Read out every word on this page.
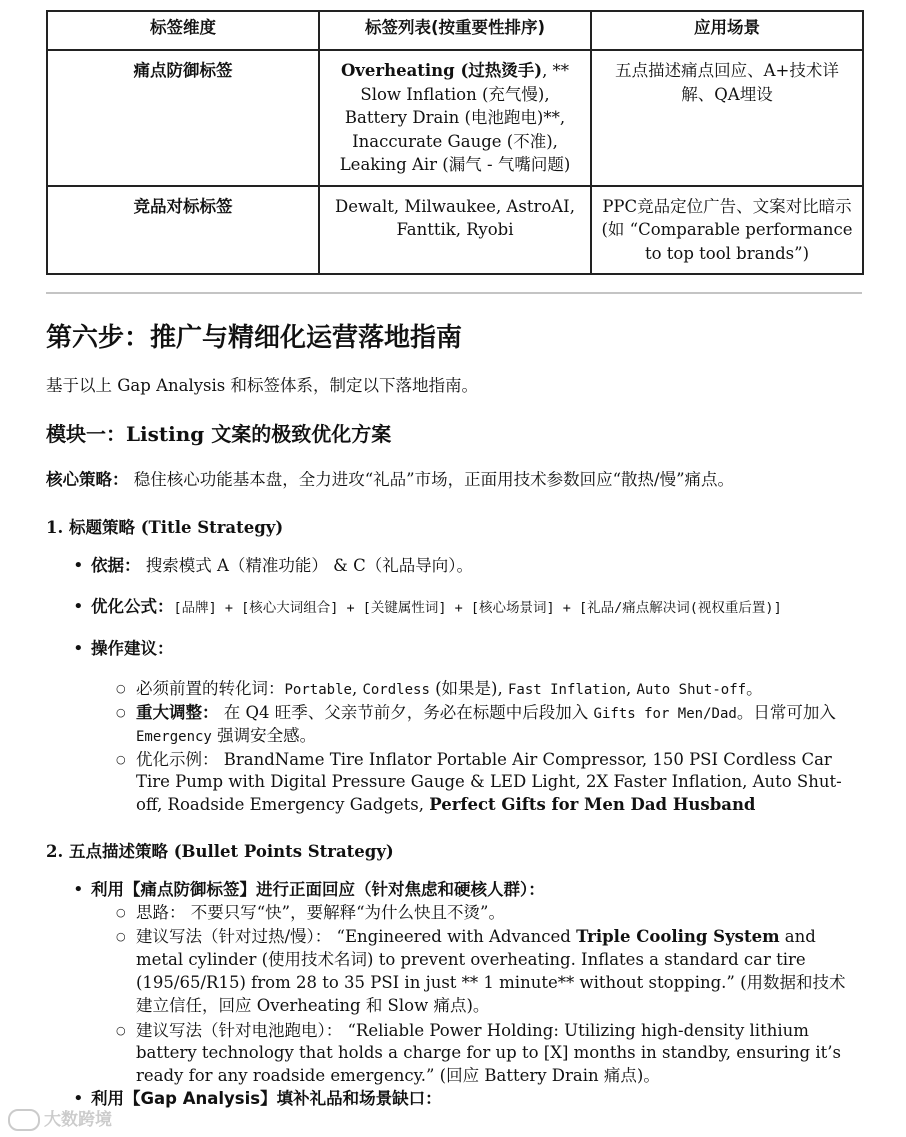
标签维度	标签列表(按重要性排序)	应用场景
痛点防御标签	Overheating (过热烫手), ** Slow Inflation (充气慢), Battery Drain (电池跑电)**, Inaccurate Gauge (不准), Leaking Air (漏气 - 气嘴问题)	五点描述痛点回应、A+技术详解、QA埋设
竞品对标标签	Dewalt, Milwaukee, AstroAI, Fanttik, Ryobi	PPC竞品定位广告、文案对比暗示 (如 “Comparable performance to top tool brands”)
第六步：推广与精细化运营落地指南

基于以上 Gap Analysis 和标签体系，制定以下落地指南。

模块一：Listing 文案的极致优化方案

核心策略： 稳住核心功能基本盘，全力进攻“礼品”市场，正面用技术参数回应“散热/慢”痛点。

1. 标题策略 (Title Strategy)
• 依据： 搜索模式 A（精准功能） & C（礼品导向）。
• 优化公式：[品牌] + [核心大词组合] + [关键属性词] + [核心场景词] + [礼品/痛点解决词(视权重后置)]
• 操作建议：
○ 必须前置的转化词：Portable, Cordless (如果是), Fast Inflation, Auto Shut-off。
○ 重大调整： 在 Q4 旺季、父亲节前夕，务必在标题中后段加入 Gifts for Men/Dad。日常可加入 Emergency 强调安全感。
○ 优化示例： BrandName Tire Inflator Portable Air Compressor, 150 PSI Cordless Car Tire Pump with Digital Pressure Gauge & LED Light, 2X Faster Inflation, Auto Shut-off, Roadside Emergency Gadgets, Perfect Gifts for Men Dad Husband
2. 五点描述策略 (Bullet Points Strategy)
• 利用【痛点防御标签】进行正面回应（针对焦虑和硬核人群）：
○ 思路： 不要只写“快”，要解释“为什么快且不烫”。
○ 建议写法（针对过热/慢）： “Engineered with Advanced Triple Cooling System and metal cylinder (使用技术名词) to prevent overheating. Inflates a standard car tire (195/65/R15) from 28 to 35 PSI in just ** 1 minute** without stopping.” (用数据和技术建立信任，回应 Overheating 和 Slow 痛点)。
○ 建议写法（针对电池跑电）： “Reliable Power Holding: Utilizing high-density lithium battery technology that holds a charge for up to [X] months in standby, ensuring it’s ready for any roadside emergency.” (回应 Battery Drain 痛点)。
• 利用【Gap Analysis】填补礼品和场景缺口：
大数跨境
